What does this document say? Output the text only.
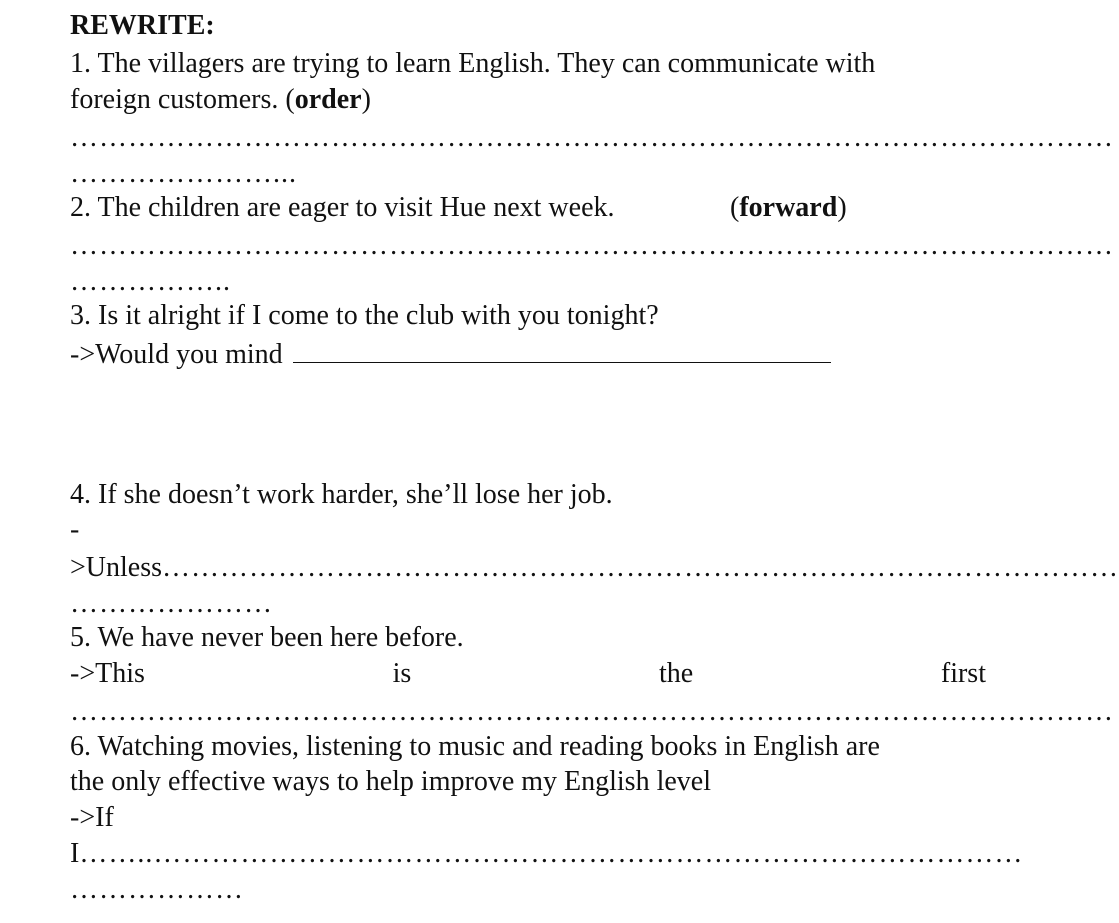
REWRITE:
1. The villagers are trying to learn English. They can communicate with
foreign customers. (order)
………………………………………………………………………………………………
…………………...
2. The children are eager to visit Hue next week.	(forward)
………………………………………………………………………………………………
……………..
3. Is it alright if I come to the club with you tonight?
->Would you mind
4. If she doesn’t work harder, she’ll lose her job.
-
>Unless………………………………………………………………………………………
…………………
5. We have never been here before.
->This	is	the	first
………………………………………………………………………………………………
6. Watching movies, listening to music and reading books in English are
the only effective ways to help improve my English level
->If
I……..………………………………………………………………………………
………………
